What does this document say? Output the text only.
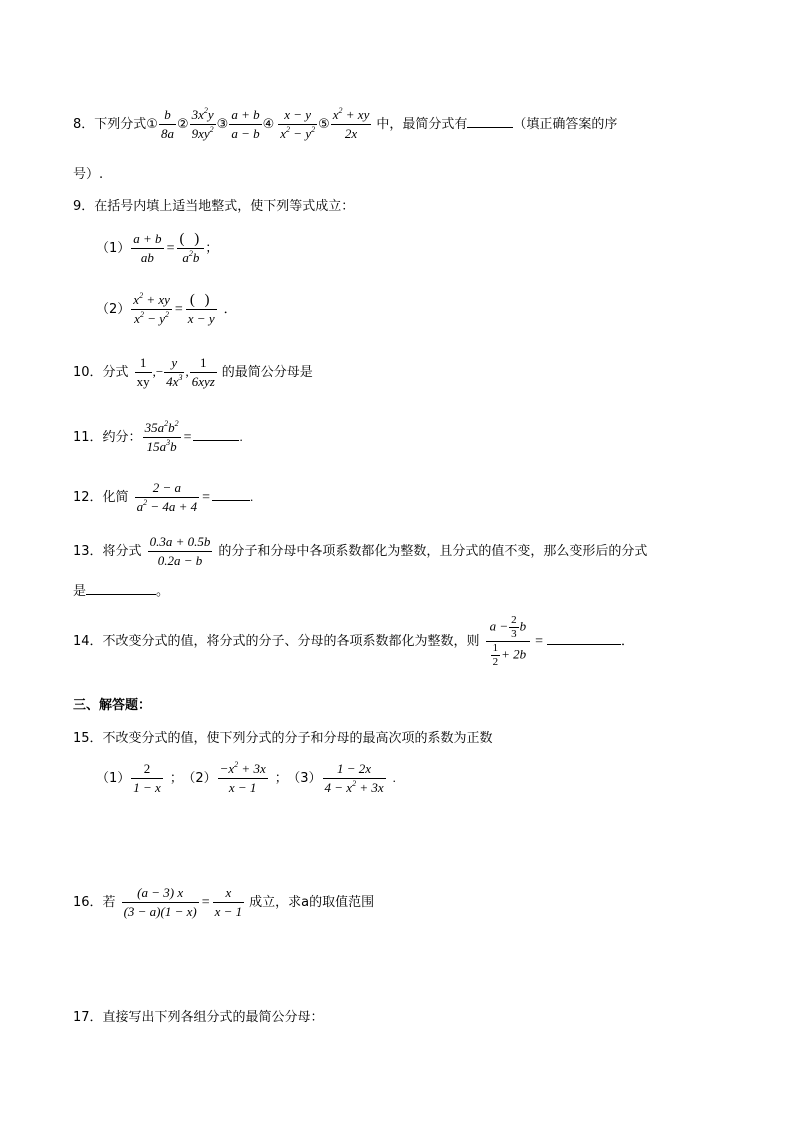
8．下列分式① $\frac{b}{8a}$ ② $\frac{3x^2y}{9xy^2}$ ③ $\frac{a + b}{a - b}$ ④ $\frac{x - y}{x^2 - y^2}$ ⑤ $\frac{x^2 + xy}{2x}$ 中，最简分式有	（填正确答案的序
号）.
9．在括号内填上适当地整式，使下列等式成立：
$(1) \frac{a + b}{ab} = \frac{( )}{a^2b}$ ；
$(2) \frac{x^2 + xy}{x^2 - y^2} = \frac{( )}{x - y}$ ．
10．分式 $\frac{1}{xy}$ ,− $\frac{y}{4x^3}$ , $\frac{1}{\text{6xyz}}$ 的最简公分母是
11．约分： $\frac{35a^2b^2}{15a^3b}$ =	.
12．化简 $\frac{2 - a}{a^2 - 4a + 4}$ =	.
13．将分式 $\frac{0.3a + 0.5b}{0.2a - b}$ 的分子和分母中各项系数都化为整数，且分式的值不变，那么变形后的分式
是	。
14．不改变分式的值，将分式的分子、分母的各项系数都化为整数，则 $\frac{a - \frac{2}{3} b}{\frac{1}{2} + 2b}$ =	．
三、解答题：
15．不改变分式的值，使下列分式的分子和分母的最高次项的系数为正数
$(1) \frac{2}{1 - x}$ ； $(2) \frac{-x^2 + 3x}{x - 1}$ ； $(3) \frac{1 - 2x}{4 - x^2 + 3x}$ .
16．若 $\frac{(a - 3) x}{(3 - a)(1 - x)} = \frac{x}{x - 1}$ 成立，求a的取值范围
17．直接写出下列各组分式的最简公分母：
